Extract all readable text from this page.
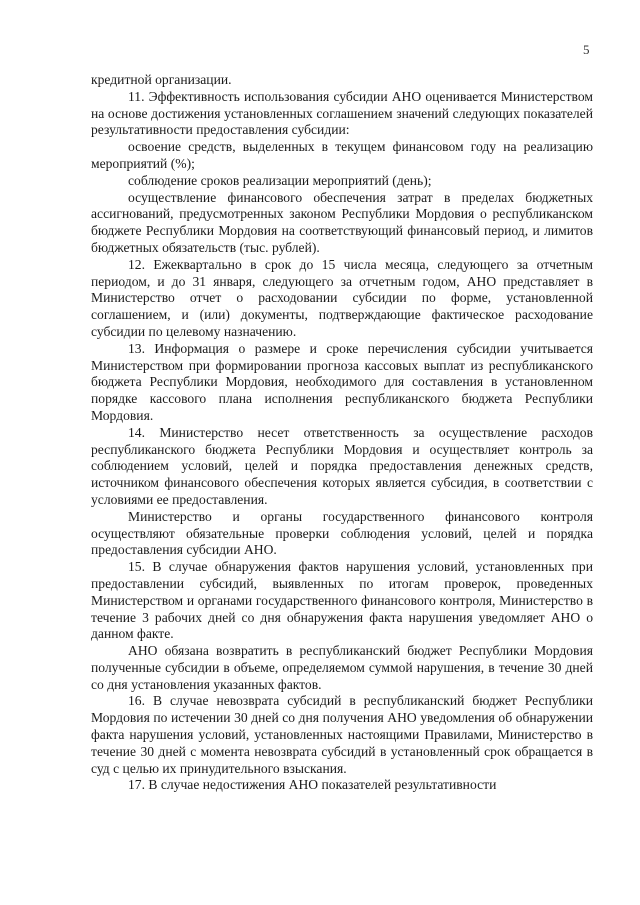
5

кредитной организации.

11. Эффективность использования субсидии АНО оценивается Министерством на основе достижения установленных соглашением значений следующих показателей результативности предоставления субсидии:

освоение средств, выделенных в текущем финансовом году на реализацию мероприятий (%);

соблюдение сроков реализации мероприятий (день);

осуществление финансового обеспечения затрат в пределах бюджетных ассигнований, предусмотренных законом Республики Мордовия о республиканском бюджете Республики Мордовия на соответствующий финансовый период, и лимитов бюджетных обязательств (тыс. рублей).

12. Ежеквартально в срок до 15 числа месяца, следующего за отчетным периодом, и до 31 января, следующего за отчетным годом, АНО представляет в Министерство отчет о расходовании субсидии по форме, установленной соглашением, и (или) документы, подтверждающие фактическое расходование субсидии по целевому назначению.

13. Информация о размере и сроке перечисления субсидии учитывается Министерством при формировании прогноза кассовых выплат из республиканского бюджета Республики Мордовия, необходимого для составления в установленном порядке кассового плана исполнения республиканского бюджета Республики Мордовия.

14. Министерство несет ответственность за осуществление расходов республиканского бюджета Республики Мордовия и осуществляет контроль за соблюдением условий, целей и порядка предоставления денежных средств, источником финансового обеспечения которых является субсидия, в соответствии с условиями ее предоставления.

Министерство и органы государственного финансового контроля осуществляют обязательные проверки соблюдения условий, целей и порядка предоставления субсидии АНО.

15. В случае обнаружения фактов нарушения условий, установленных при предоставлении субсидий, выявленных по итогам проверок, проведенных Министерством и органами государственного финансового контроля, Министерство в течение 3 рабочих дней со дня обнаружения факта нарушения уведомляет АНО о данном факте.

АНО обязана возвратить в республиканский бюджет Республики Мордовия полученные субсидии в объеме, определяемом суммой нарушения, в течение 30 дней со дня установления указанных фактов.

16. В случае невозврата субсидий в республиканский бюджет Республики Мордовия по истечении 30 дней со дня получения АНО уведомления об обнаружении факта нарушения условий, установленных настоящими Правилами, Министерство в течение 30 дней с момента невозврата субсидий в установленный срок обращается в суд с целью их принудительного взыскания.

17. В случае недостижения АНО показателей результативности
